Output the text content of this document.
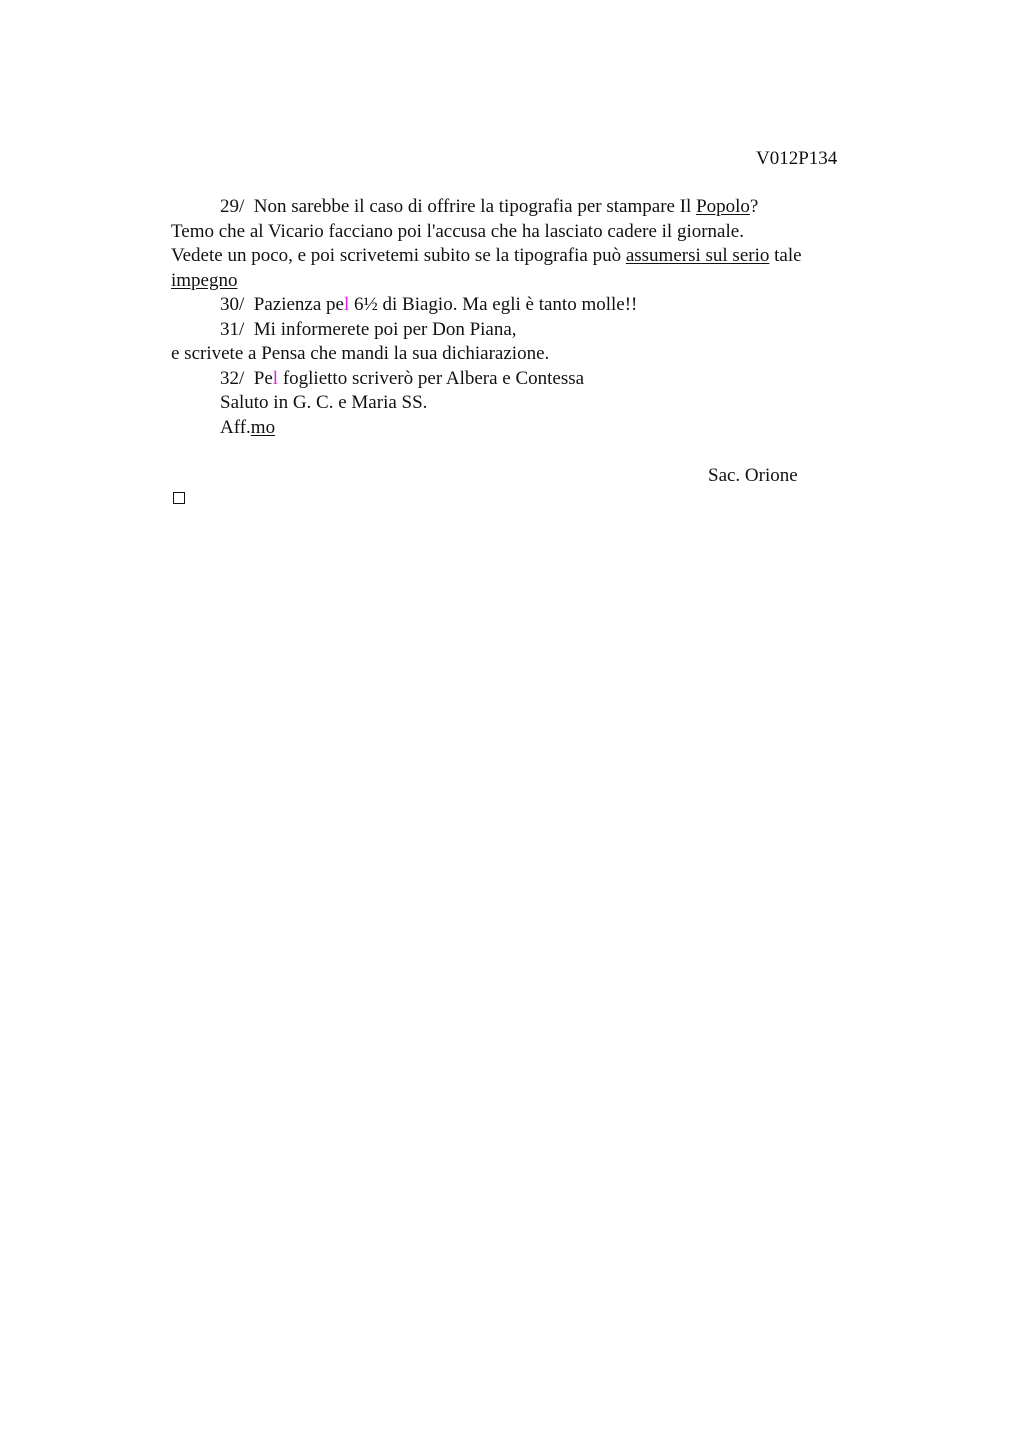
V012P134
29/ Non sarebbe il caso di offrire la tipografia per stampare Il Popolo?
Temo che al Vicario facciano poi l'accusa che ha lasciato cadere il giornale.
Vedete un poco, e poi scrivetemi subito se la tipografia può assumersi sul serio tale
impegno
30/ Pazienza pel 6½ di Biagio. Ma egli è tanto molle!!
31/ Mi informerete poi per Don Piana,
e scrivete a Pensa che mandi la sua dichiarazione.
32/ Pel foglietto scriverò per Albera e Contessa
Saluto in G. C. e Maria SS.
Aff.mo
Sac. Orione
